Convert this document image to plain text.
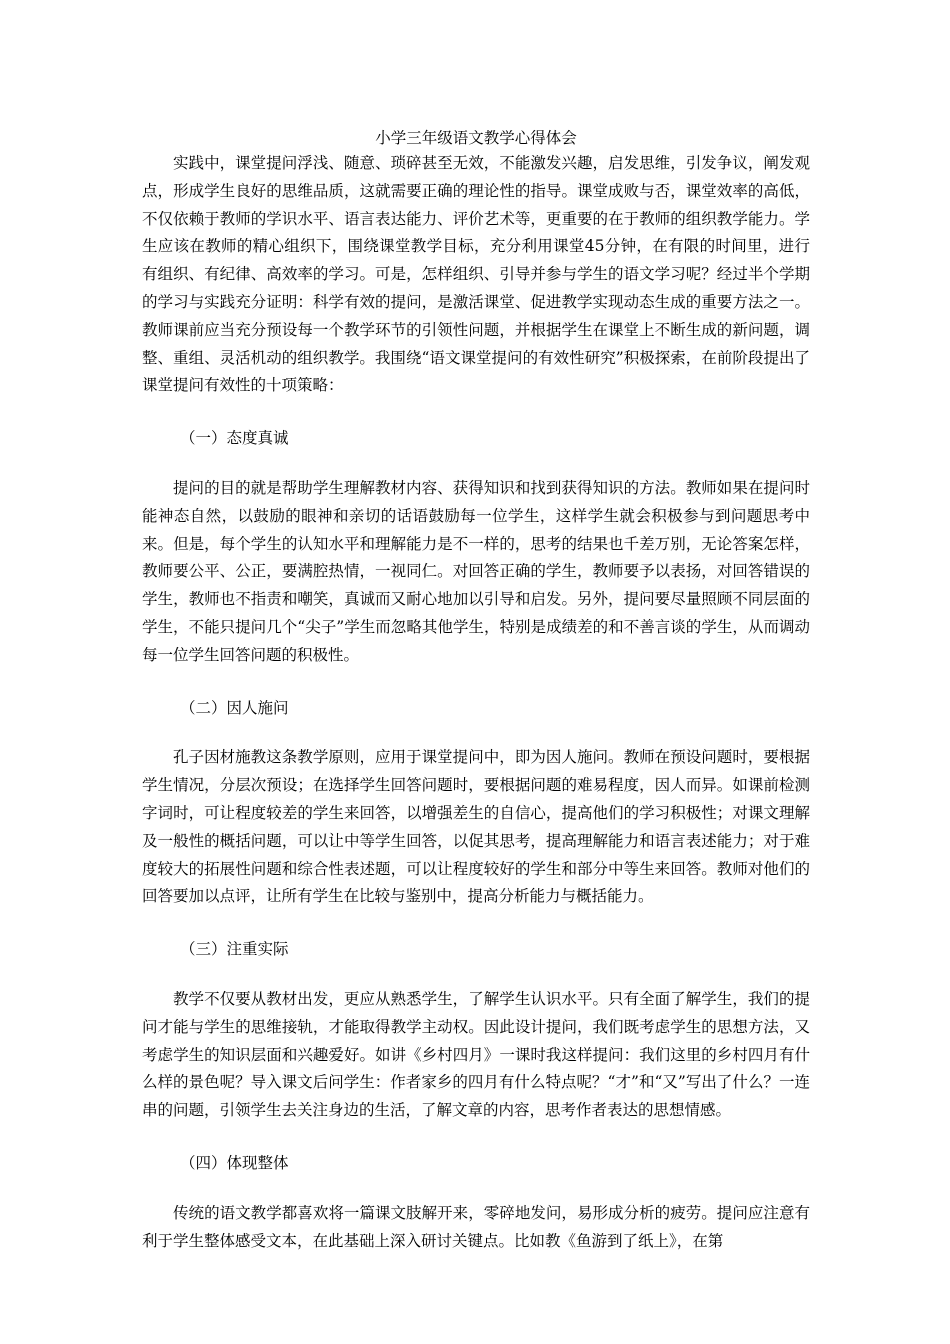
小学三年级语文教学心得体会

实践中，课堂提问浮浅、随意、琐碎甚至无效，不能激发兴趣，启发思维，引发争议，阐发观点，形成学生良好的思维品质，这就需要正确的理论性的指导。课堂成败与否，课堂效率的高低，不仅依赖于教师的学识水平、语言表达能力、评价艺术等，更重要的在于教师的组织教学能力。学生应该在教师的精心组织下，围绕课堂教学目标，充分利用课堂45分钟，在有限的时间里，进行有组织、有纪律、高效率的学习。可是，怎样组织、引导并参与学生的语文学习呢？经过半个学期的学习与实践充分证明：科学有效的提问，是激活课堂、促进教学实现动态生成的重要方法之一。教师课前应当充分预设每一个教学环节的引领性问题，并根据学生在课堂上不断生成的新问题，调整、重组、灵活机动的组织教学。我围绕“语文课堂提问的有效性研究”积极探索，在前阶段提出了课堂提问有效性的十项策略：

（一）态度真诚

提问的目的就是帮助学生理解教材内容、获得知识和找到获得知识的方法。教师如果在提问时能神态自然，以鼓励的眼神和亲切的话语鼓励每一位学生，这样学生就会积极参与到问题思考中来。但是，每个学生的认知水平和理解能力是不一样的，思考的结果也千差万别，无论答案怎样，教师要公平、公正，要满腔热情，一视同仁。对回答正确的学生，教师要予以表扬，对回答错误的学生，教师也不指责和嘲笑，真诚而又耐心地加以引导和启发。另外，提问要尽量照顾不同层面的学生，不能只提问几个“尖子”学生而忽略其他学生，特别是成绩差的和不善言谈的学生，从而调动每一位学生回答问题的积极性。

（二）因人施问

孔子因材施教这条教学原则，应用于课堂提问中，即为因人施问。教师在预设问题时，要根据学生情况，分层次预设；在选择学生回答问题时，要根据问题的难易程度，因人而异。如课前检测字词时，可让程度较差的学生来回答，以增强差生的自信心，提高他们的学习积极性；对课文理解及一般性的概括问题，可以让中等学生回答，以促其思考，提高理解能力和语言表述能力；对于难度较大的拓展性问题和综合性表述题，可以让程度较好的学生和部分中等生来回答。教师对他们的回答要加以点评，让所有学生在比较与鉴别中，提高分析能力与概括能力。

（三）注重实际

教学不仅要从教材出发，更应从熟悉学生，了解学生认识水平。只有全面了解学生，我们的提问才能与学生的思维接轨，才能取得教学主动权。因此设计提问，我们既考虑学生的思想方法，又考虑学生的知识层面和兴趣爱好。如讲《乡村四月》一课时我这样提问：我们这里的乡村四月有什么样的景色呢？导入课文后问学生：作者家乡的四月有什么特点呢？“才”和“又”写出了什么？一连串的问题，引领学生去关注身边的生活，了解文章的内容，思考作者表达的思想情感。

（四）体现整体

传统的语文教学都喜欢将一篇课文肢解开来，零碎地发问，易形成分析的疲劳。提问应注意有利于学生整体感受文本，在此基础上深入研讨关键点。比如教《鱼游到了纸上》，在第
